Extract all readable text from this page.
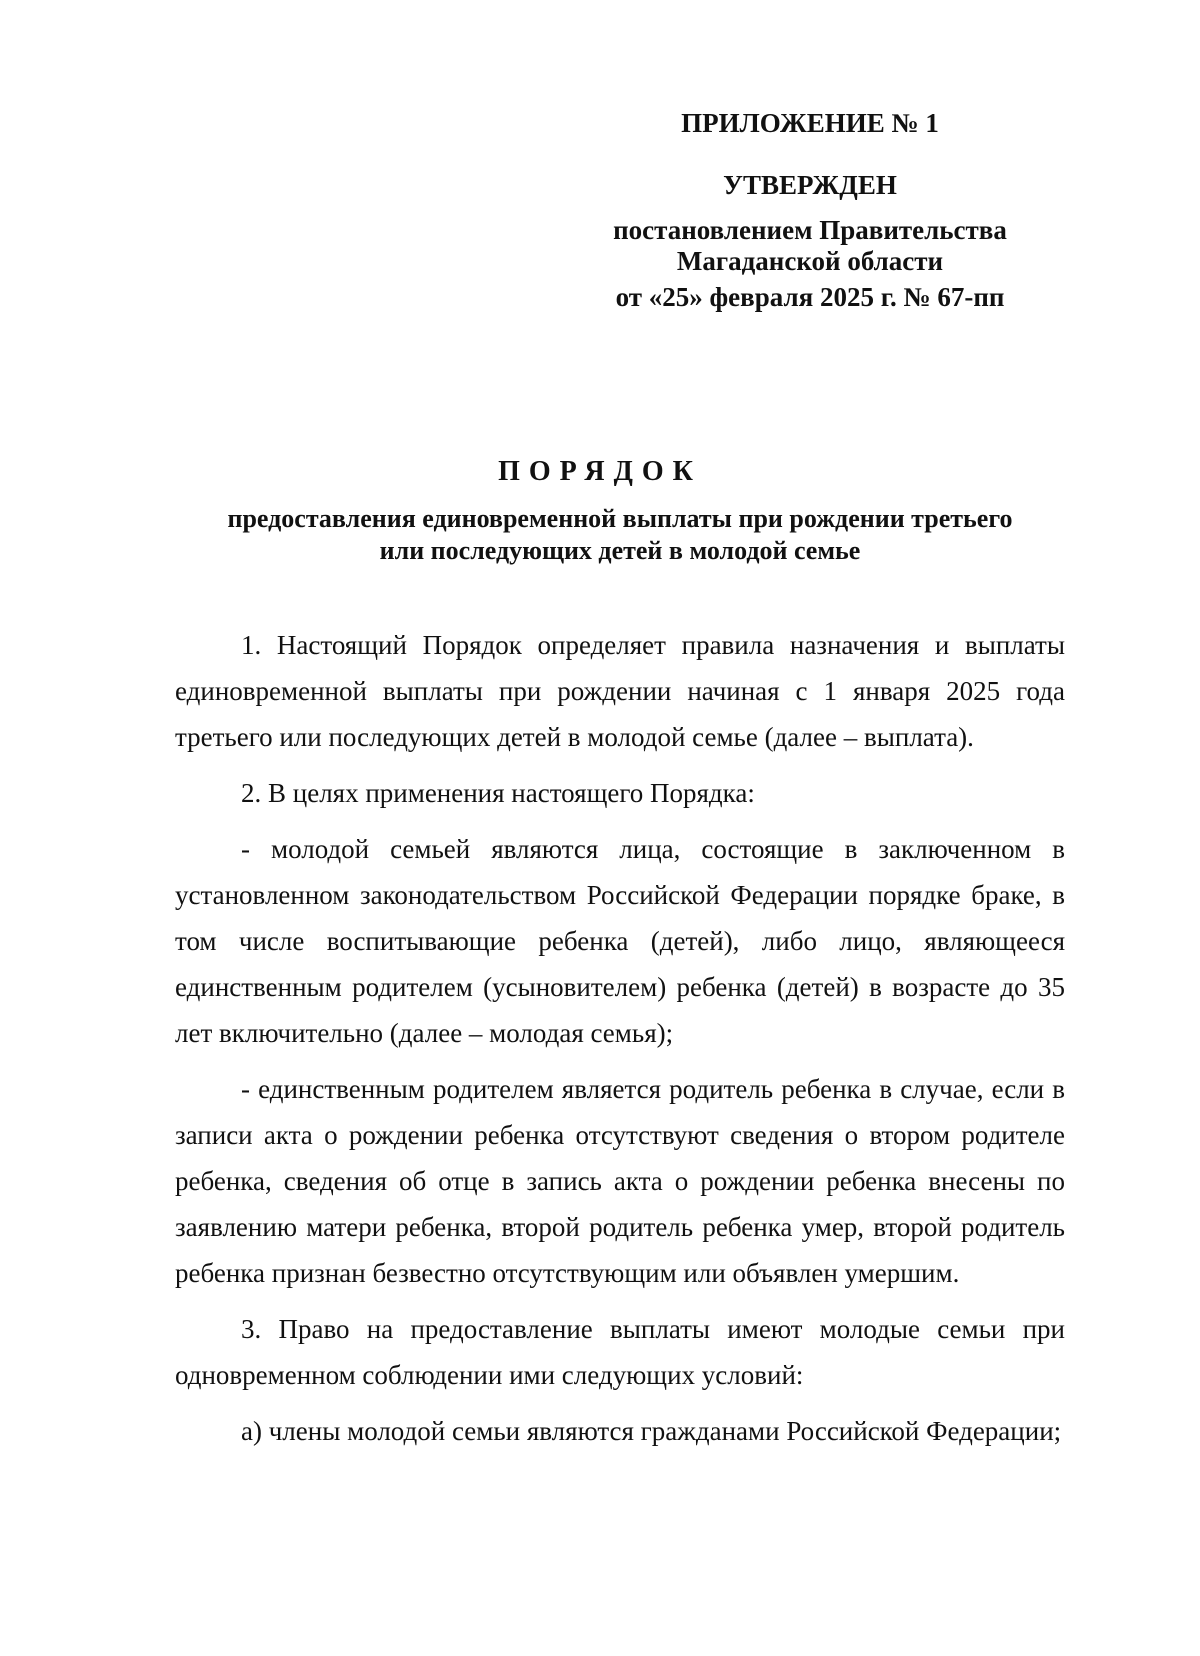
ПРИЛОЖЕНИЕ № 1
УТВЕРЖДЕН
постановлением Правительства
Магаданской области
от «25» февраля 2025 г. № 67-пп
ПОРЯДОК
предоставления единовременной выплаты при рождении третьего
или последующих детей в молодой семье

1. Настоящий Порядок определяет правила назначения и выплаты единовременной выплаты при рождении начиная с 1 января 2025 года третьего или последующих детей в молодой семье (далее – выплата).

2. В целях применения настоящего Порядка:

- молодой семьей являются лица, состоящие в заключенном в установленном законодательством Российской Федерации порядке браке, в том числе воспитывающие ребенка (детей), либо лицо, являющееся единственным родителем (усыновителем) ребенка (детей) в возрасте до 35 лет включительно (далее – молодая семья);

- единственным родителем является родитель ребенка в случае, если в записи акта о рождении ребенка отсутствуют сведения о втором родителе ребенка, сведения об отце в запись акта о рождении ребенка внесены по заявлению матери ребенка, второй родитель ребенка умер, второй родитель ребенка признан безвестно отсутствующим или объявлен умершим.

3. Право на предоставление выплаты имеют молодые семьи при одновременном соблюдении ими следующих условий:

а) члены молодой семьи являются гражданами Российской Федерации;
